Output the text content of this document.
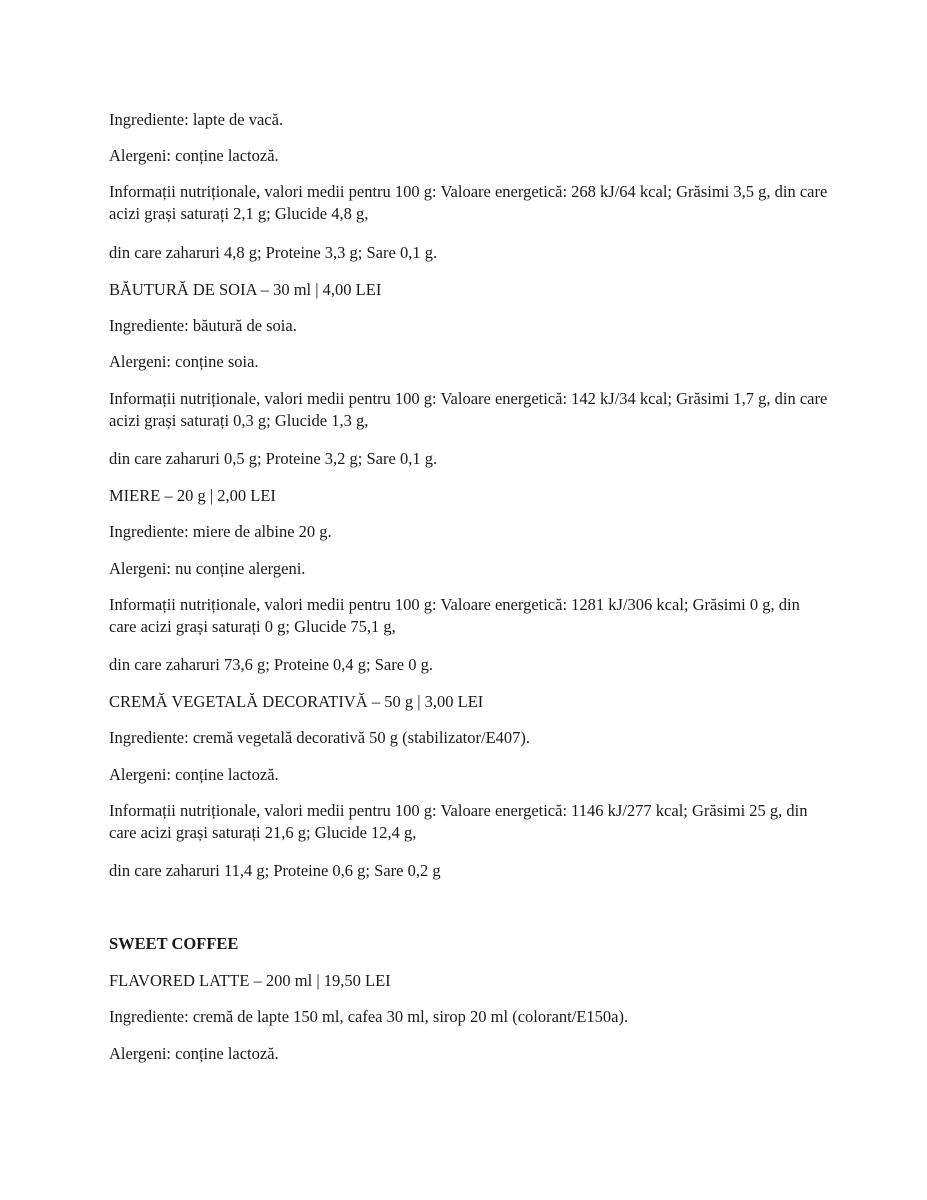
Ingrediente: lapte de vacă.

Alergeni: conține lactoză.

Informații nutriționale, valori medii pentru 100 g: Valoare energetică: 268 kJ/64 kcal; Grăsimi 3,5 g, din care acizi grași saturați 2,1 g; Glucide 4,8 g,

din care zaharuri 4,8 g; Proteine 3,3 g; Sare 0,1 g.

BĂUTURĂ DE SOIA – 30 ml | 4,00 LEI

Ingrediente: băutură de soia.

Alergeni: conține soia.

Informații nutriționale, valori medii pentru 100 g: Valoare energetică: 142 kJ/34 kcal; Grăsimi 1,7 g, din care acizi grași saturați 0,3 g; Glucide 1,3 g,

din care zaharuri 0,5 g; Proteine 3,2 g; Sare 0,1 g.

MIERE – 20 g | 2,00 LEI

Ingrediente: miere de albine 20 g.

Alergeni: nu conține alergeni.

Informații nutriționale, valori medii pentru 100 g: Valoare energetică: 1281 kJ/306 kcal; Grăsimi 0 g, din care acizi grași saturați 0 g; Glucide 75,1 g,

din care zaharuri 73,6 g; Proteine 0,4 g; Sare 0 g.

CREMĂ VEGETALĂ DECORATIVĂ – 50 g | 3,00 LEI

Ingrediente: cremă vegetală decorativă 50 g (stabilizator/E407).

Alergeni: conține lactoză.

Informații nutriționale, valori medii pentru 100 g: Valoare energetică: 1146 kJ/277 kcal; Grăsimi 25 g, din care acizi grași saturați 21,6 g; Glucide 12,4 g,

din care zaharuri 11,4 g; Proteine 0,6 g; Sare 0,2 g

SWEET COFFEE

FLAVORED LATTE – 200 ml | 19,50 LEI

Ingrediente: cremă de lapte 150 ml, cafea 30 ml, sirop 20 ml (colorant/E150a).

Alergeni: conține lactoză.
